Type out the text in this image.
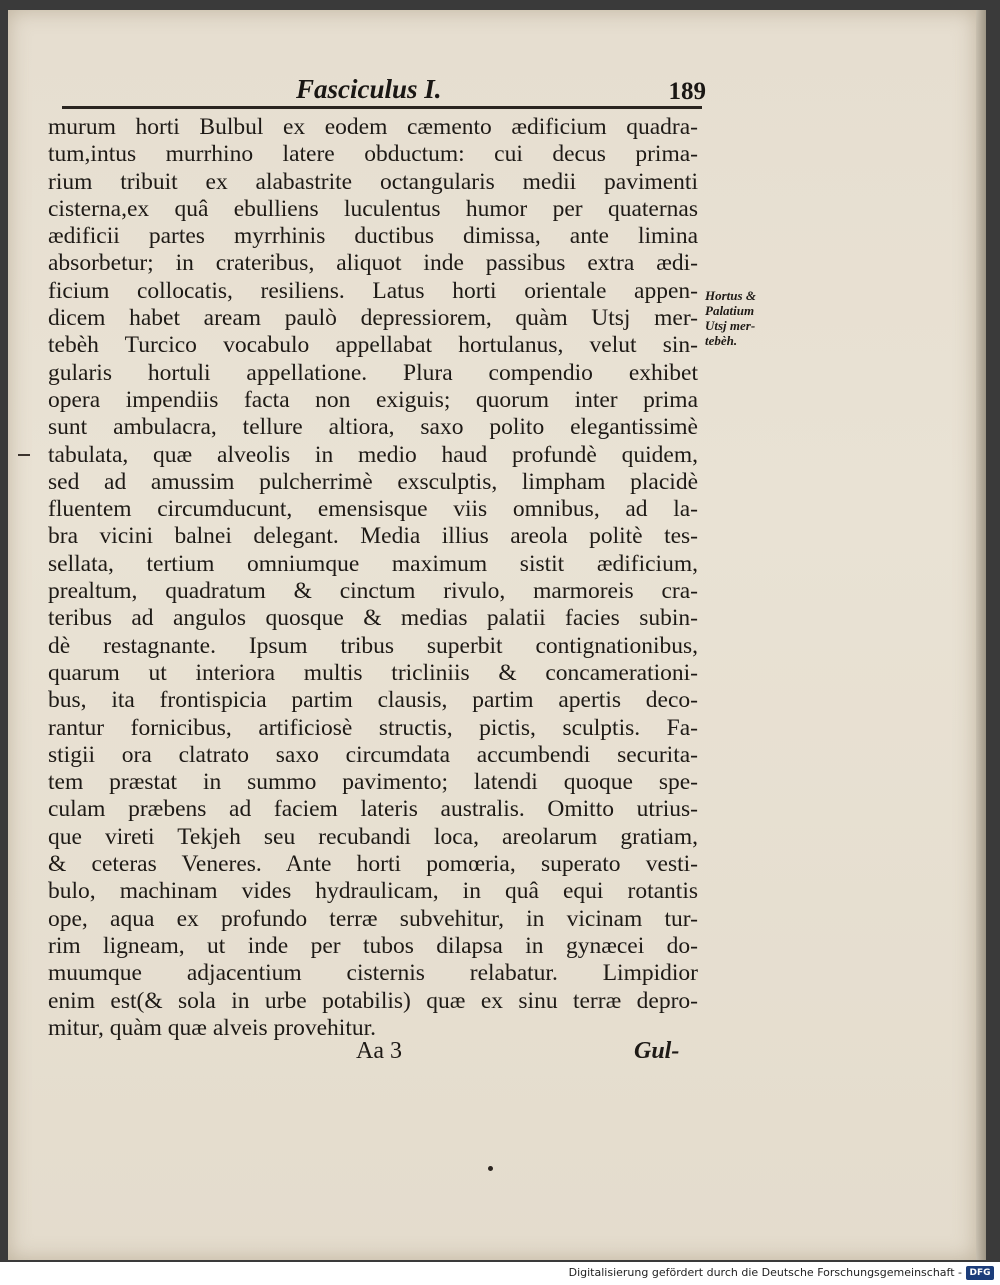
Fasciculus I.	189
murum horti Bulbul ex eodem cæmento ædificium quadra-
tum,intus murrhino latere obductum: cui decus prima-
rium tribuit ex alabastrite octangularis medii pavimenti
cisterna,ex quâ ebulliens luculentus humor per quaternas
ædificii partes myrrhinis ductibus dimissa, ante limina
absorbetur; in crateribus, aliquot inde passibus extra ædi-
ficium collocatis, resiliens. Latus horti orientale appen-
dicem habet aream paulò depressiorem, quàm Utsj mer-
tebèh Turcico vocabulo appellabat hortulanus, velut sin-
gularis hortuli appellatione. Plura compendio exhibet
opera impendiis facta non exiguis; quorum inter prima
sunt ambulacra, tellure altiora, saxo polito elegantissimè
tabulata, quæ alveolis in medio haud profundè quidem,
sed ad amussim pulcherrimè exsculptis, limpham placidè
fluentem circumducunt, emensisque viis omnibus, ad la-
bra vicini balnei delegant. Media illius areola politè tes-
sellata, tertium omniumque maximum sistit ædificium,
prealtum, quadratum & cinctum rivulo, marmoreis cra-
teribus ad angulos quosque & medias palatii facies subin-
dè restagnante. Ipsum tribus superbit contignationibus,
quarum ut interiora multis tricliniis & concamerationi-
bus, ita frontispicia partim clausis, partim apertis deco-
rantur fornicibus, artificiosè structis, pictis, sculptis. Fa-
stigii ora clatrato saxo circumdata accumbendi securita-
tem præstat in summo pavimento; latendi quoque spe-
culam præbens ad faciem lateris australis. Omitto utrius-
que vireti Tekjeh seu recubandi loca, areolarum gratiam,
& ceteras Veneres. Ante horti pomœria, superato vesti-
bulo, machinam vides hydraulicam, in quâ equi rotantis
ope, aqua ex profundo terræ subvehitur, in vicinam tur-
rim ligneam, ut inde per tubos dilapsa in gynæcei do-
muumque adjacentium cisternis relabatur. Limpidior
enim est(& sola in urbe potabilis) quæ ex sinu terræ depro-
mitur, quàm quæ alveis provehitur.
Hortus &
Palatium
Utsj mer-
tebèh.
Aa 3	Gul-
Digitalisierung gefördert durch die Deutsche Forschungsgemeinschaft - DFG
